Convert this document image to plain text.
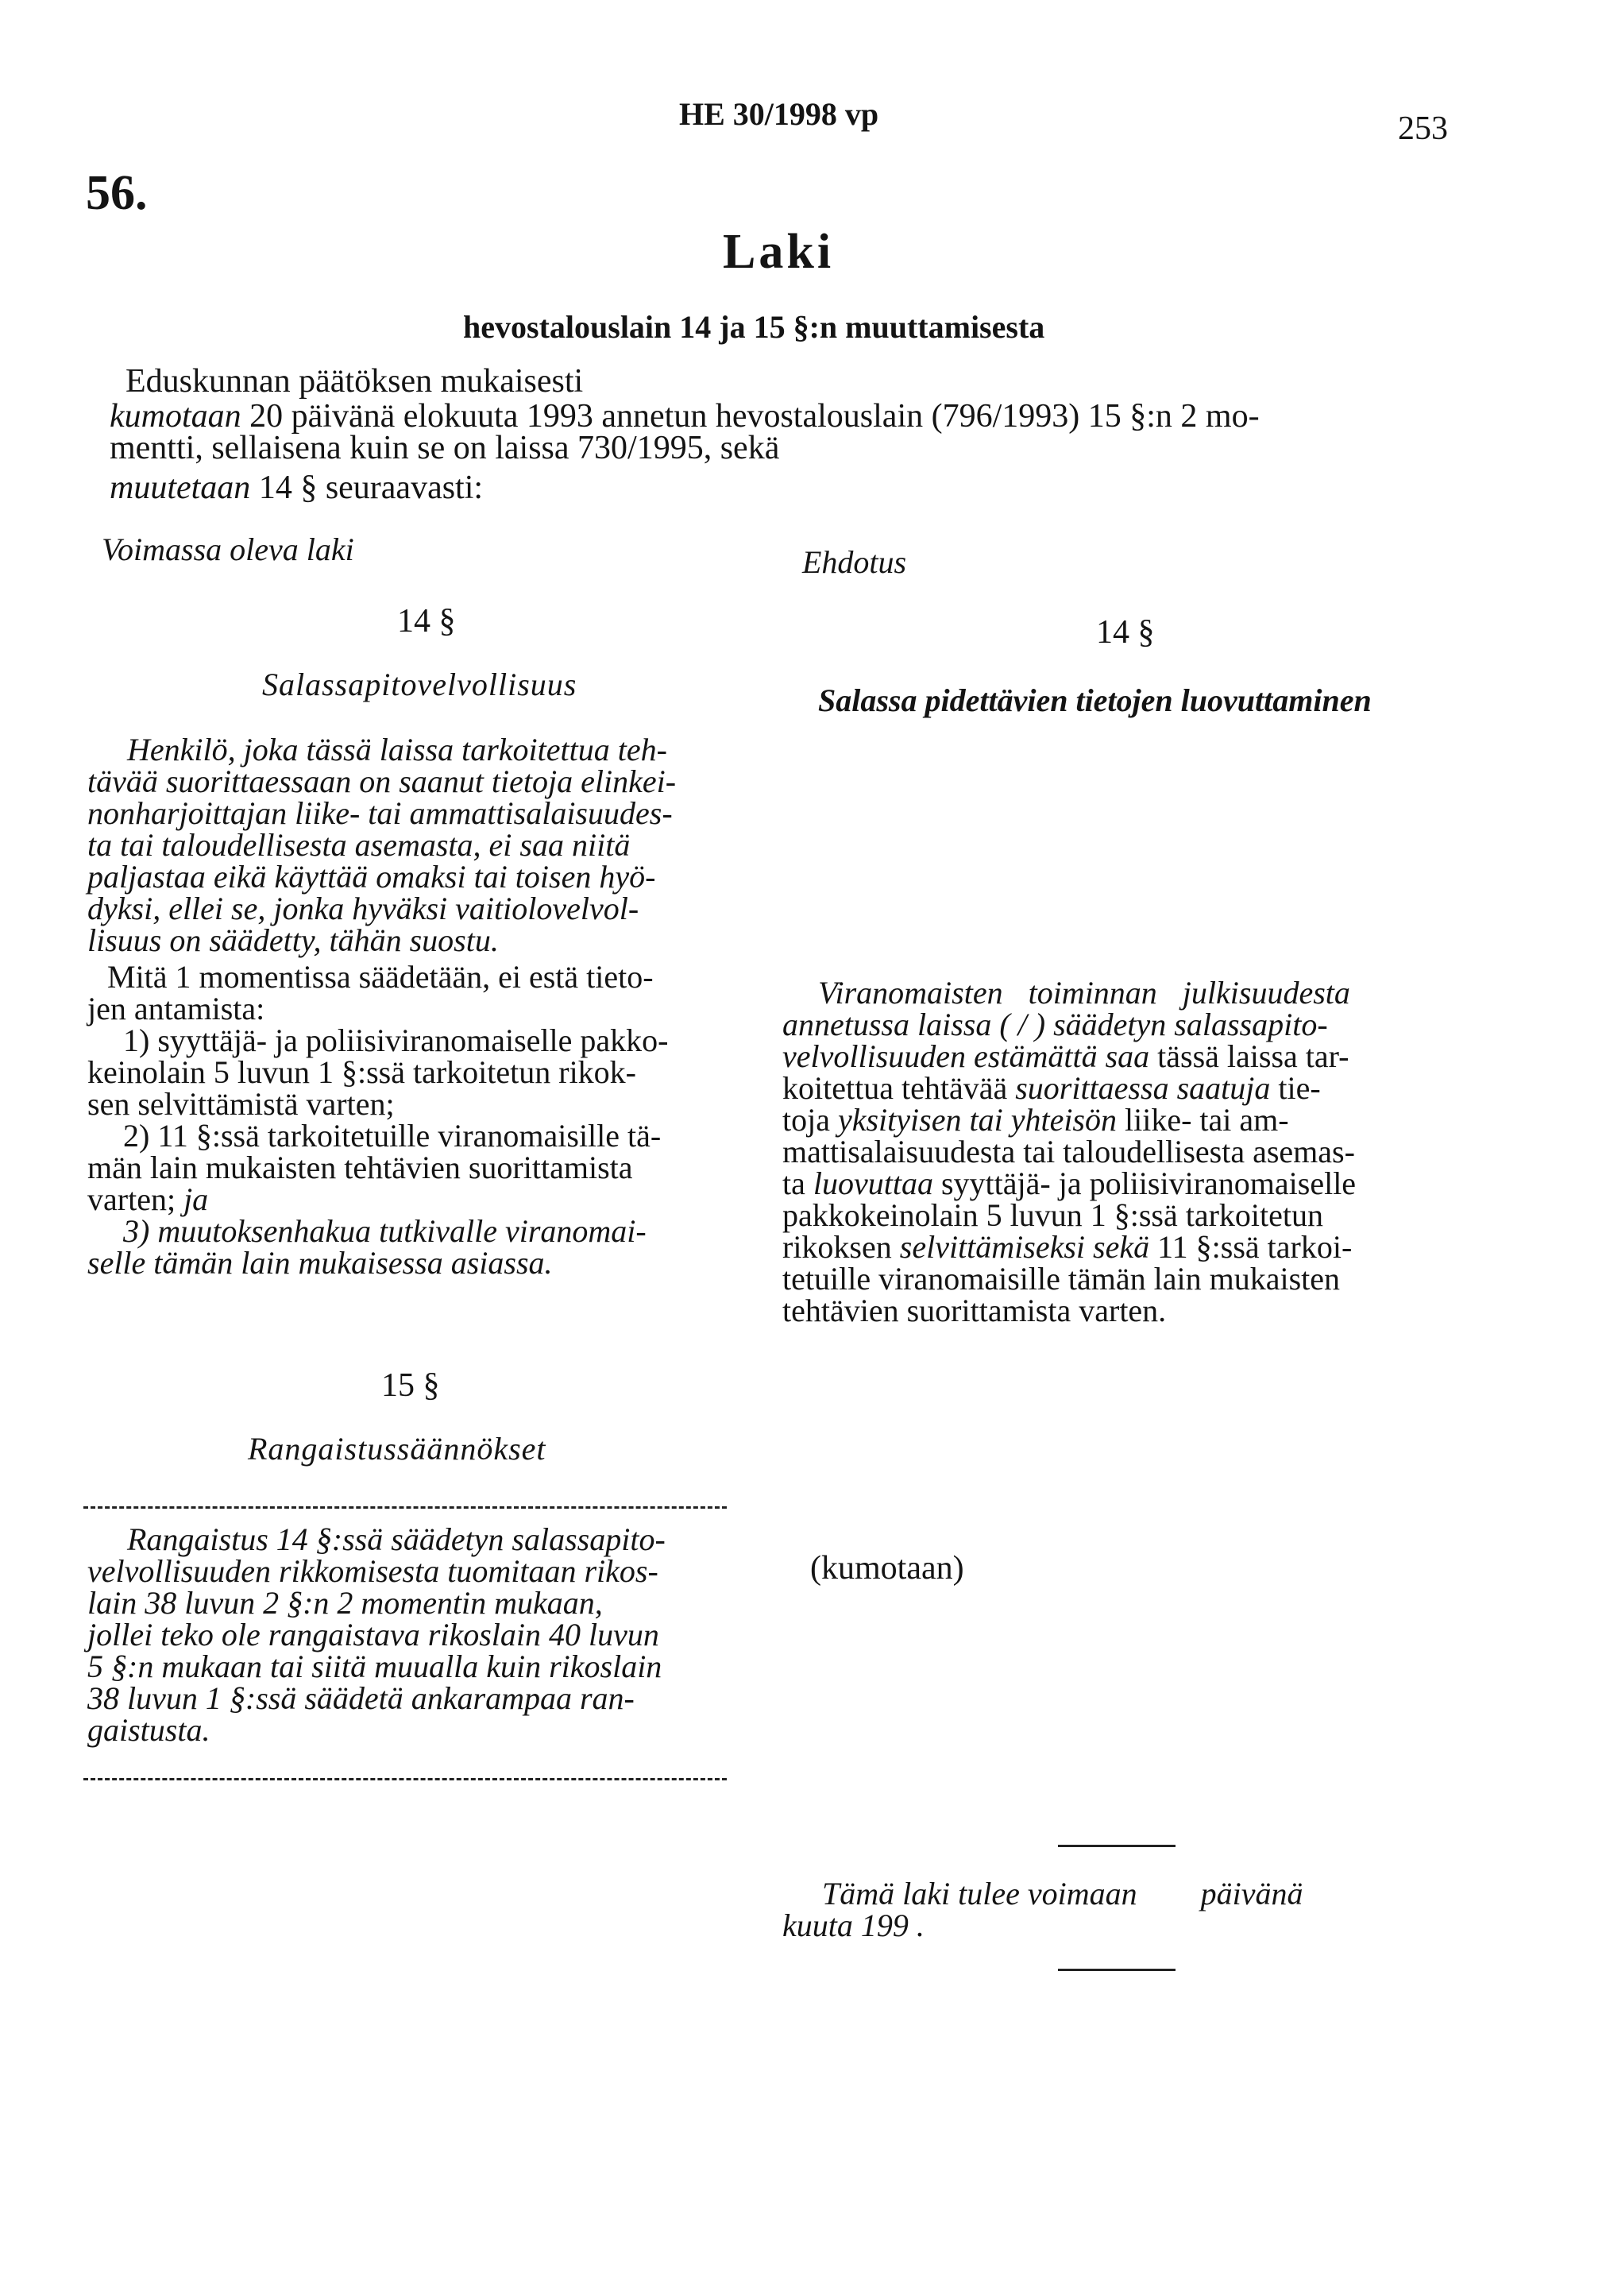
HE 30/1998 vp	253
56.
Laki
hevostalouslain 14 ja 15 §:n muuttamisesta
Eduskunnan päätöksen mukaisesti
kumotaan 20 päivänä elokuuta 1993 annetun hevostalouslain (796/1993) 15 §:n 2 mo-
mentti, sellaisena kuin se on laissa 730/1995, sekä
muutetaan 14 § seuraavasti:
Voimassa oleva laki	Ehdotus
14 §
Salassapitovelvollisuus
Henkilö, joka tässä laissa tarkoitettua teh-
tävää suorittaessaan on saanut tietoja elinkei-
nonharjoittajan liike- tai ammattisalaisuudes-
ta tai taloudellisesta asemasta, ei saa niitä
paljastaa eikä käyttää omaksi tai toisen hyö-
dyksi, ellei se, jonka hyväksi vaitiolovelvol-
lisuus on säädetty, tähän suostu.
Mitä 1 momentissa säädetään, ei estä tieto-
jen antamista:
1) syyttäjä- ja poliisiviranomaiselle pakko-
keinolain 5 luvun 1 §:ssä tarkoitetun rikok-
sen selvittämistä varten;
2) 11 §:ssä tarkoitetuille viranomaisille tä-
män lain mukaisten tehtävien suorittamista
varten; ja
3) muutoksenhakua tutkivalle viranomai-
selle tämän lain mukaisessa asiassa.
15 §
Rangaistussäännökset
Rangaistus 14 §:ssä säädetyn salassapito-
velvollisuuden rikkomisesta tuomitaan rikos-
lain 38 luvun 2 §:n 2 momentin mukaan,
jollei teko ole rangaistava rikoslain 40 luvun
5 §:n mukaan tai siitä muualla kuin rikoslain
38 luvun 1 §:ssä säädetä ankarampaa ran-
gaistusta.
14 §
Salassa pidettävien tietojen luovuttaminen
Viranomaisten toiminnan julkisuudesta
annetussa laissa ( / ) säädetyn salassapito-
velvollisuuden estämättä saa tässä laissa tar-
koitettua tehtävää suorittaessa saatuja tie-
toja yksityisen tai yhteisön liike- tai am-
mattisalaisuudesta tai taloudellisesta asemas-
ta luovuttaa syyttäjä- ja poliisiviranomaiselle
pakkokeinolain 5 luvun 1 §:ssä tarkoitetun
rikoksen selvittämiseksi sekä 11 §:ssä tarkoi-
tetuille viranomaisille tämän lain mukaisten
tehtävien suorittamista varten.
(kumotaan)
Tämä laki tulee voimaan päivänä
kuuta 199 .
